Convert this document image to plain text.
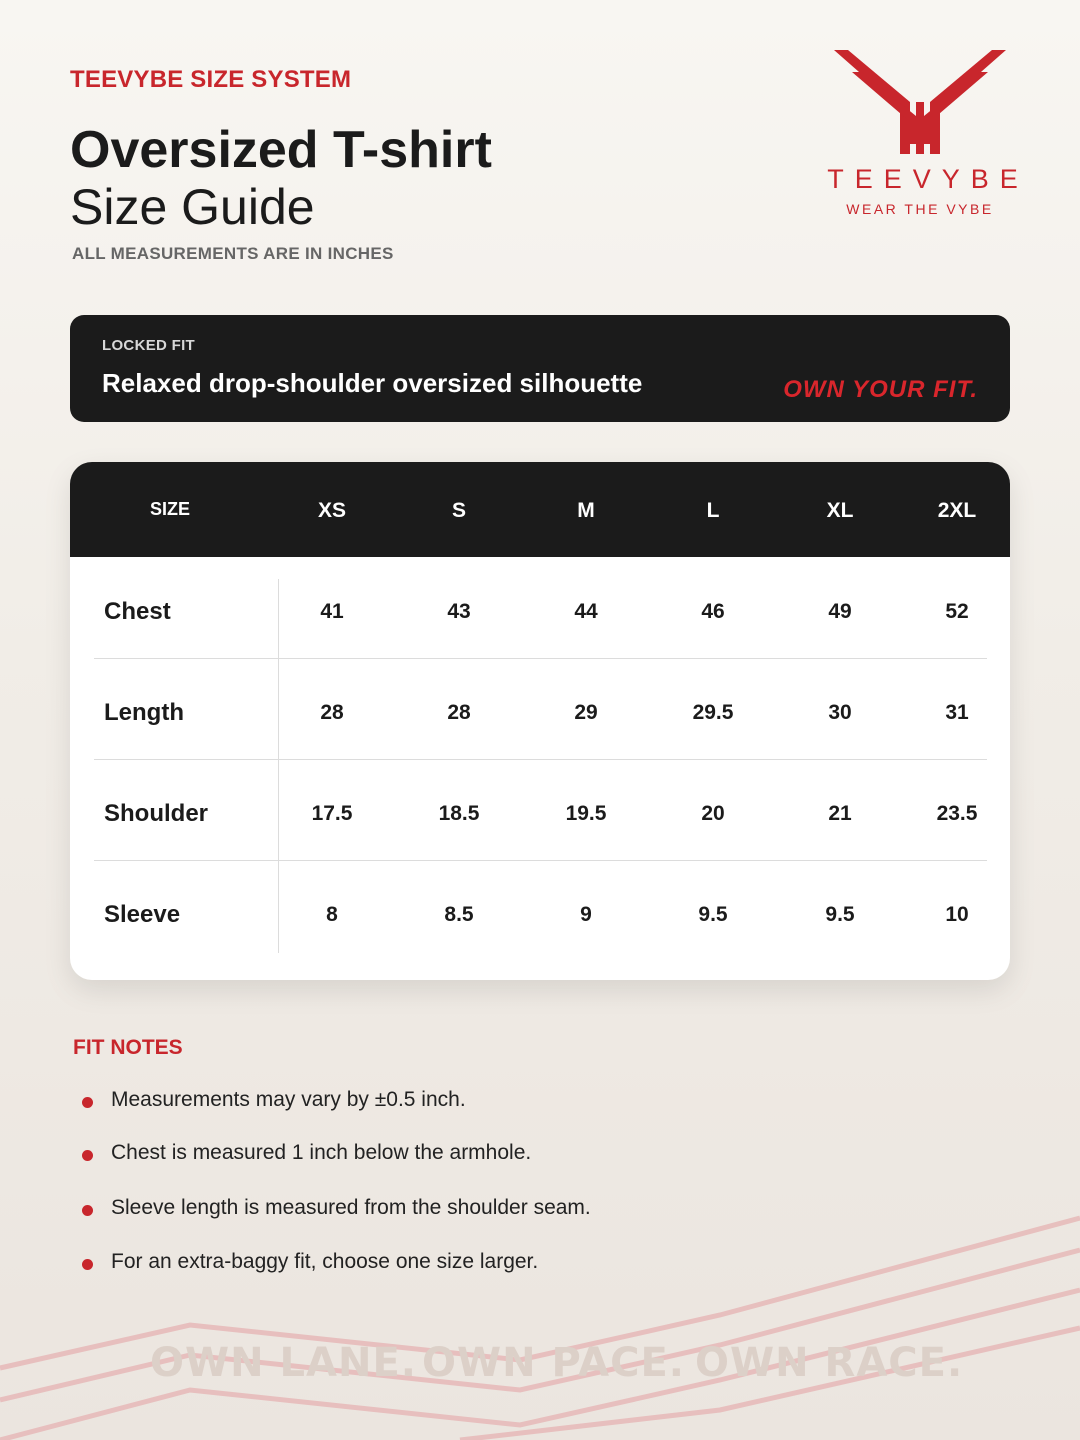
TEEVYBE SIZE SYSTEM

Oversized T-shirt
Size Guide

ALL MEASUREMENTS ARE IN INCHES

TEEVYBE
WEAR THE VYBE
LOCKED FIT
Relaxed drop-shoulder oversized silhouette	OWN YOUR FIT.
SIZE	XS	S	M	L	XL	2XL
Chest	41	43	44	46	49	52
Length	28	28	29	29.5	30	31
Shoulder	17.5	18.5	19.5	20	21	23.5
Sleeve	8	8.5	9	9.5	9.5	10
FIT NOTES
Measurements may vary by ±0.5 inch.
Chest is measured 1 inch below the armhole.
Sleeve length is measured from the shoulder seam.
For an extra-baggy fit, choose one size larger.
OWN LANE. OWN PACE. OWN RACE.
